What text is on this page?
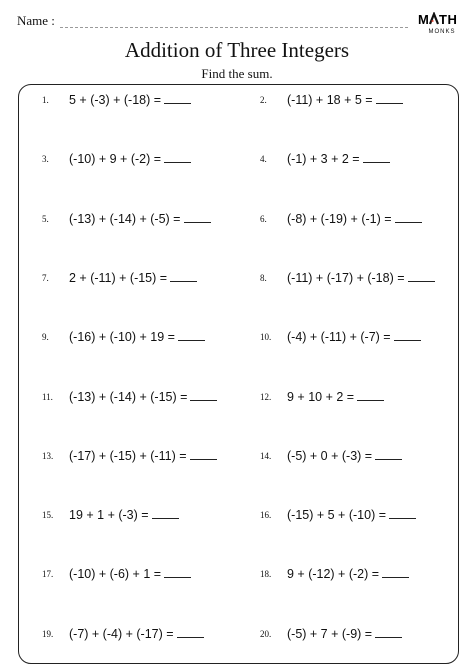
Name :	M TH
MONKS
Addition of Three Integers
Find the sum.
1. 5 + (-3) + (-18) =	2. (-11) + 18 + 5 =
3. (-10) + 9 + (-2) =	4. (-1) + 3 + 2 =
5. (-13) + (-14) + (-5) =	6. (-8) + (-19) + (-1) =
7. 2 + (-11) + (-15) =	8. (-11) + (-17) + (-18) =
9. (-16) + (-10) + 19 =	10. (-4) + (-11) + (-7) =
11. (-13) + (-14) + (-15) =	12. 9 + 10 + 2 =
13. (-17) + (-15) + (-11) =	14. (-5) + 0 + (-3) =
15. 19 + 1 + (-3) =	16. (-15) + 5 + (-10) =
17. (-10) + (-6) + 1 =	18. 9 + (-12) + (-2) =
19. (-7) + (-4) + (-17) =	20. (-5) + 7 + (-9) =
